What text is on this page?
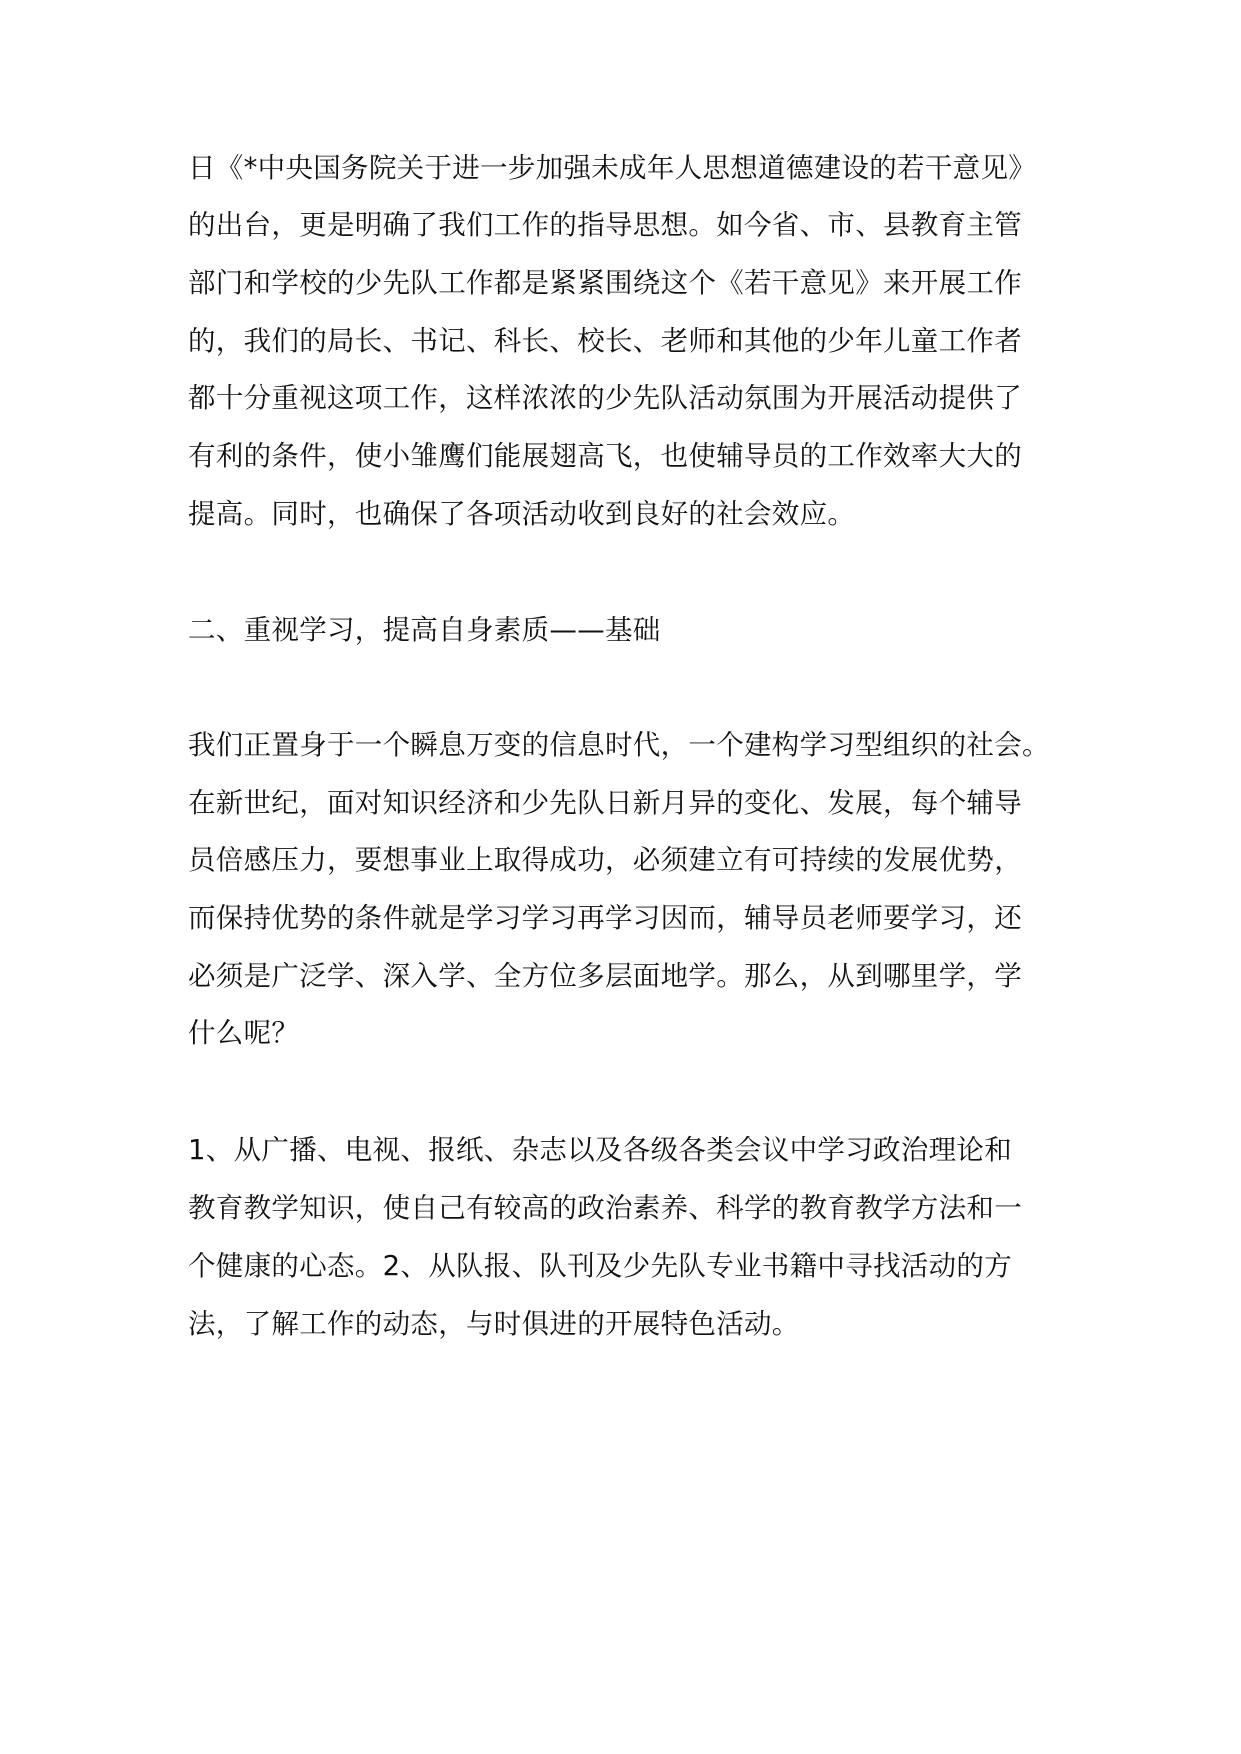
日《*中央国务院关于进一步加强未成年人思想道德建设的若干意见》
的出台，更是明确了我们工作的指导思想。如今省、市、县教育主管
部门和学校的少先队工作都是紧紧围绕这个《若干意见》来开展工作
的，我们的局长、书记、科长、校长、老师和其他的少年儿童工作者
都十分重视这项工作，这样浓浓的少先队活动氛围为开展活动提供了
有利的条件，使小雏鹰们能展翅高飞，也使辅导员的工作效率大大的
提高。同时，也确保了各项活动收到良好的社会效应。
二、重视学习，提高自身素质——基础
我们正置身于一个瞬息万变的信息时代，一个建构学习型组织的社会。
在新世纪，面对知识经济和少先队日新月异的变化、发展，每个辅导
员倍感压力，要想事业上取得成功，必须建立有可持续的发展优势，
而保持优势的条件就是学习学习再学习因而，辅导员老师要学习，还
必须是广泛学、深入学、全方位多层面地学。那么，从到哪里学，学
什么呢？
1、从广播、电视、报纸、杂志以及各级各类会议中学习政治理论和
教育教学知识，使自己有较高的政治素养、科学的教育教学方法和一
个健康的心态。2、从队报、队刊及少先队专业书籍中寻找活动的方
法，了解工作的动态，与时俱进的开展特色活动。
